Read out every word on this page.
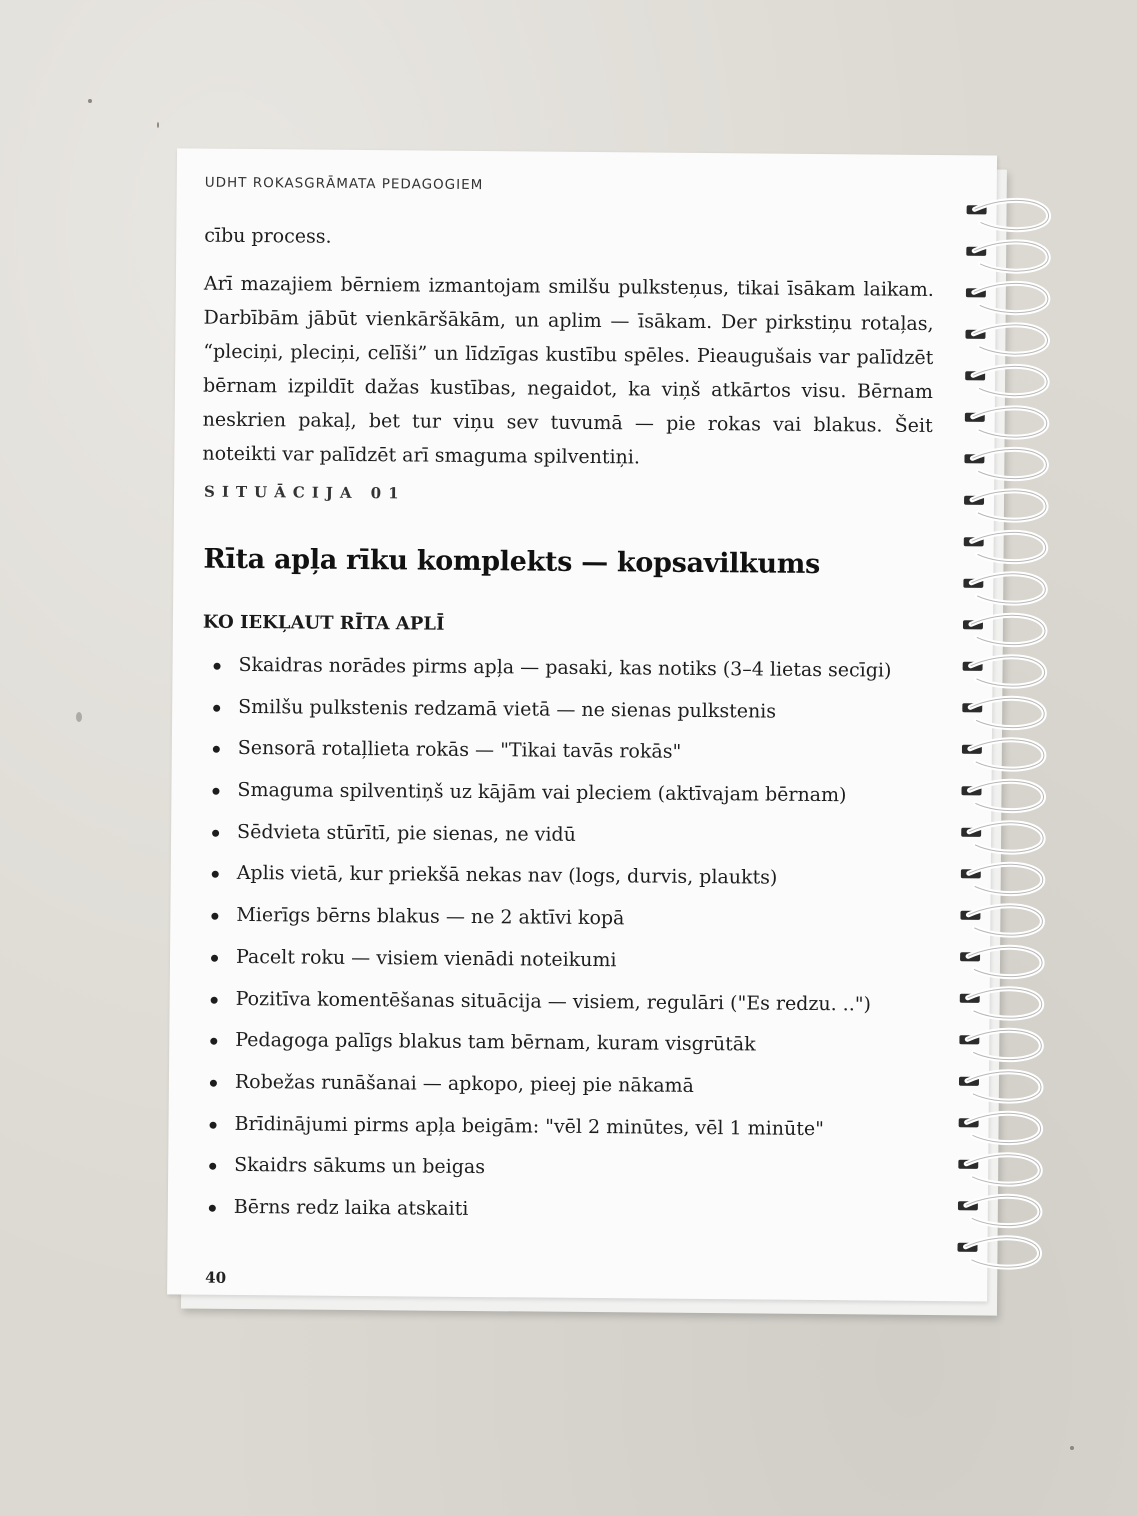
UDHT ROKASGRĀMATA PEDAGOGIEM

cību process.

Arī mazajiem bērniem izmantojam smilšu pulksteņus, tikai īsākam laikam. Darbībām jābūt vienkāršākām, un aplim — īsākam. Der pirkstiņu rotaļas, “pleciņi, pleciņi, celīši” un līdzīgas kustību spēles. Pieaugušais var palīdzēt bērnam izpildīt dažas kustības, negaidot, ka viņš atkārtos visu. Bērnam neskrien pakaļ, bet tur viņu sev tuvumā — pie rokas vai blakus. Šeit noteikti var palīdzēt arī smaguma spilventiņi.

SITUĀCIJA 01
Rīta apļa rīku komplekts — kopsavilkums
KO IEKĻAUT RĪTA APLĪ
Skaidras norādes pirms apļa — pasaki, kas notiks (3–4 lietas secīgi)
Smilšu pulkstenis redzamā vietā — ne sienas pulkstenis
Sensorā rotaļlieta rokās — "Tikai tavās rokās"
Smaguma spilventiņš uz kājām vai pleciem (aktīvajam bērnam)
Sēdvieta stūrītī, pie sienas, ne vidū
Aplis vietā, kur priekšā nekas nav (logs, durvis, plaukts)
Mierīgs bērns blakus — ne 2 aktīvi kopā
Pacelt roku — visiem vienādi noteikumi
Pozitīva komentēšanas situācija — visiem, regulāri ("Es redzu. ..")
Pedagoga palīgs blakus tam bērnam, kuram visgrūtāk
Robežas runāšanai — apkopo, pieej pie nākamā
Brīdinājumi pirms apļa beigām: "vēl 2 minūtes, vēl 1 minūte"
Skaidrs sākums un beigas
Bērns redz laika atskaiti
40
